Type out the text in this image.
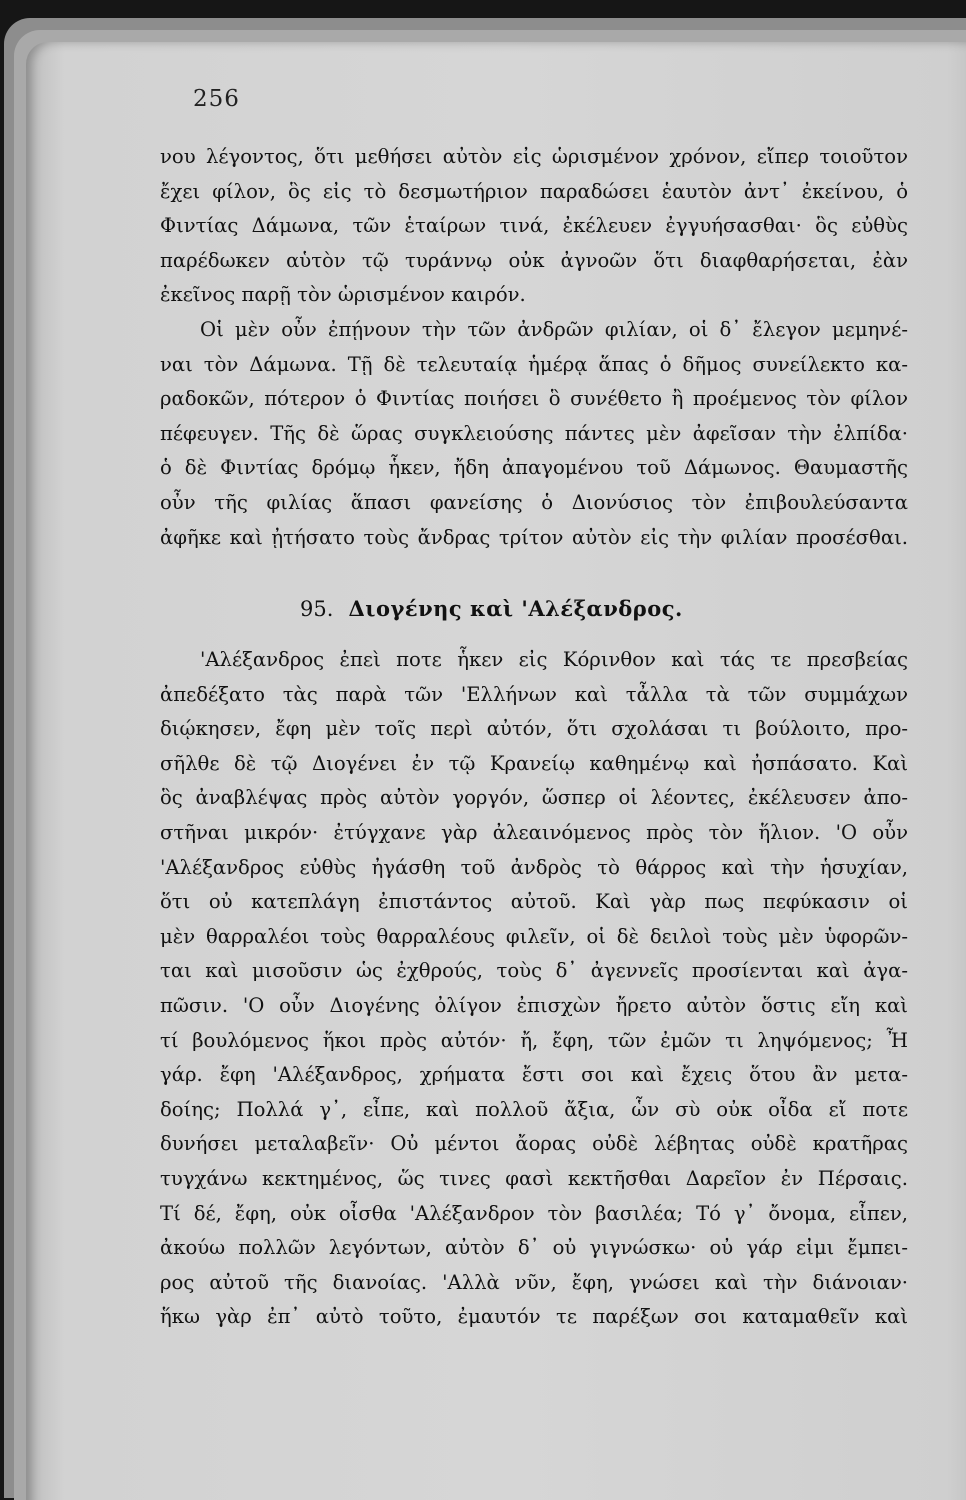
256
νου λέγοντος, ὅτι μεθήσει αὐτὸν εἰς ὡρισμένον χρόνον, εἴπερ τοιοῦτον
ἔχει φίλον, ὃς εἰς τὸ δεσμωτήριον παραδώσει ἑαυτὸν ἀντ᾽ ἐκείνου, ὁ
Φιντίας Δάμωνα, τῶν ἑταίρων τινά, ἐκέλευεν ἐγγυήσασθαι· ὃς εὐθὺς
παρέδωκεν αὑτὸν τῷ τυράννῳ οὐκ ἀγνοῶν ὅτι διαφθαρήσεται, ἐὰν
ἐκεῖνος παρῇ τὸν ὡρισμένον καιρόν.
Οἱ μὲν οὖν ἐπῄνουν τὴν τῶν ἀνδρῶν φιλίαν, οἱ δ᾽ ἔλεγον μεμηνέ-
ναι τὸν Δάμωνα. Τῇ δὲ τελευταίᾳ ἡμέρᾳ ἅπας ὁ δῆμος συνείλεκτο κα-
ραδοκῶν, πότερον ὁ Φιντίας ποιήσει ὃ συνέθετο ἢ προέμενος τὸν φίλον
πέφευγεν. Τῆς δὲ ὥρας συγκλειούσης πάντες μὲν ἀφεῖσαν τὴν ἐλπίδα·
ὁ δὲ Φιντίας δρόμῳ ἧκεν, ἤδη ἀπαγομένου τοῦ Δάμωνος. Θαυμαστῆς
οὖν τῆς φιλίας ἅπασι φανείσης ὁ Διονύσιος τὸν ἐπιβουλεύσαντα
ἀφῆκε καὶ ᾐτήσατο τοὺς ἄνδρας τρίτον αὐτὸν εἰς τὴν φιλίαν προσέσθαι.
95. Διογένης καὶ 'Αλέξανδρος.
'Αλέξανδρος ἐπεὶ ποτε ἧκεν εἰς Κόρινθον καὶ τάς τε πρεσβείας
ἀπεδέξατο τὰς παρὰ τῶν 'Ελλήνων καὶ τἆλλα τὰ τῶν συμμάχων
διῴκησεν, ἔφη μὲν τοῖς περὶ αὐτόν, ὅτι σχολάσαι τι βούλοιτο, προ-
σῆλθε δὲ τῷ Διογένει ἐν τῷ Κρανείῳ καθημένῳ καὶ ἠσπάσατο. Καὶ
ὃς ἀναβλέψας πρὸς αὐτὸν γοργόν, ὥσπερ οἱ λέοντες, ἐκέλευσεν ἀπο-
στῆναι μικρόν· ἐτύγχανε γὰρ ἀλεαινόμενος πρὸς τὸν ἥλιον. 'Ο οὖν
'Αλέξανδρος εὐθὺς ἠγάσθη τοῦ ἀνδρὸς τὸ θάρρος καὶ τὴν ἡσυχίαν,
ὅτι οὐ κατεπλάγη ἐπιστάντος αὐτοῦ. Καὶ γὰρ πως πεφύκασιν οἱ
μὲν θαρραλέοι τοὺς θαρραλέους φιλεῖν, οἱ δὲ δειλοὶ τοὺς μὲν ὑφορῶν-
ται καὶ μισοῦσιν ὡς ἐχθρούς, τοὺς δ᾽ ἀγεννεῖς προσίενται καὶ ἀγα-
πῶσιν. 'Ο οὖν Διογένης ὀλίγον ἐπισχὼν ἤρετο αὐτὸν ὅστις εἴη καὶ
τί βουλόμενος ἥκοι πρὸς αὐτόν· ἤ, ἔφη, τῶν ἐμῶν τι ληψόμενος; Ἦ
γάρ. ἔφη 'Αλέξανδρος, χρήματα ἔστι σοι καὶ ἔχεις ὅτου ἂν μετα-
δοίης; Πολλά γ᾽, εἶπε, καὶ πολλοῦ ἄξια, ὧν σὺ οὐκ οἶδα εἴ ποτε
δυνήσει μεταλαβεῖν· Οὐ μέντοι ἄορας οὐδὲ λέβητας οὐδὲ κρατῆρας
τυγχάνω κεκτημένος, ὥς τινες φασὶ κεκτῆσθαι Δαρεῖον ἐν Πέρσαις.
Τί δέ, ἔφη, οὐκ οἶσθα 'Αλέξανδρον τὸν βασιλέα; Τό γ᾽ ὄνομα, εἶπεν,
ἀκούω πολλῶν λεγόντων, αὐτὸν δ᾽ οὐ γιγνώσκω· οὐ γάρ εἰμι ἔμπει-
ρος αὐτοῦ τῆς διανοίας. 'Αλλὰ νῦν, ἔφη, γνώσει καὶ τὴν διάνοιαν·
ἥκω γὰρ ἐπ᾽ αὐτὸ τοῦτο, ἐμαυτόν τε παρέξων σοι καταμαθεῖν καὶ
